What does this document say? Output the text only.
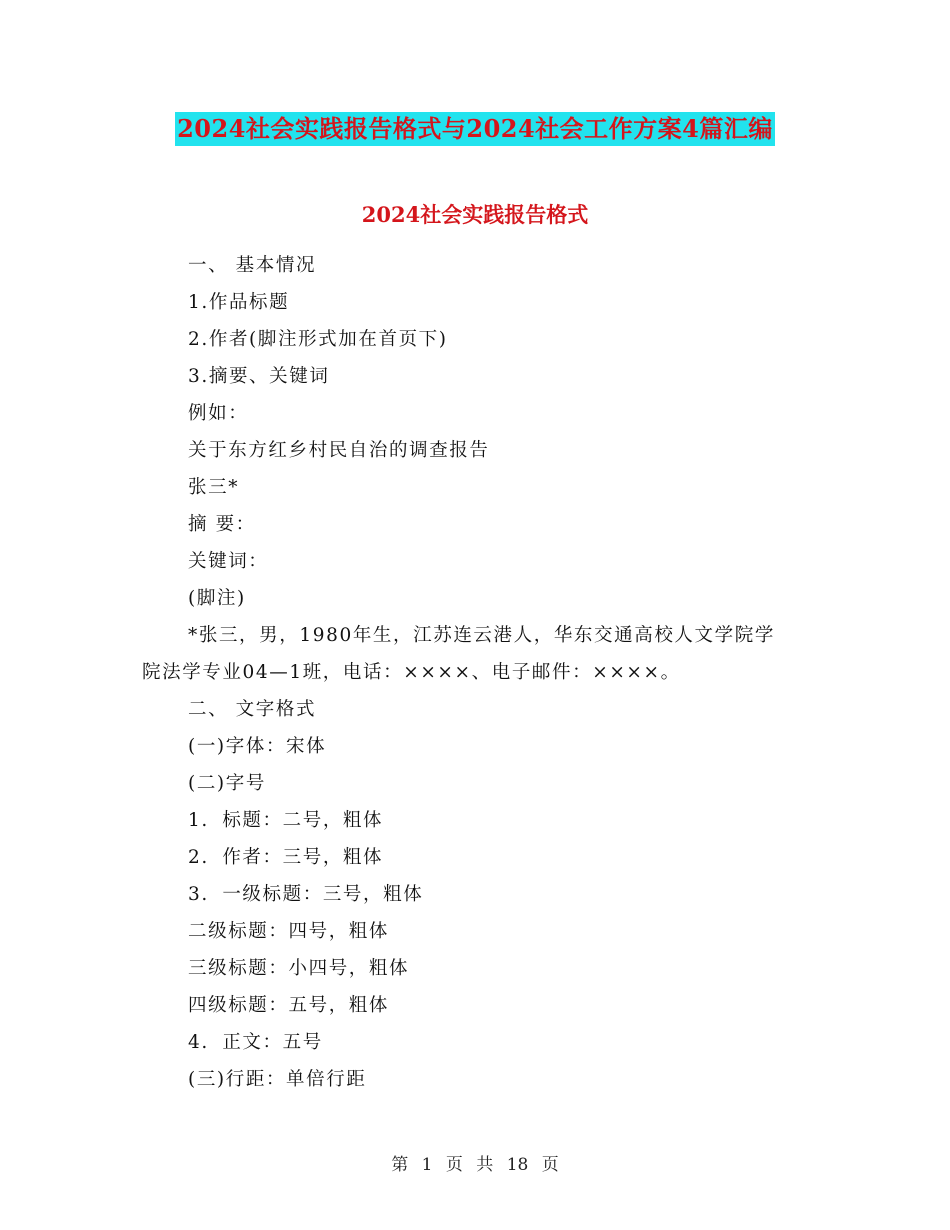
2024社会实践报告格式与2024社会工作方案4篇汇编
2024社会实践报告格式
一、 基本情况
1.作品标题
2.作者(脚注形式加在首页下)
3.摘要、关键词
例如：
关于东方红乡村民自治的调查报告
张三*
摘 要：
关键词：
(脚注)
*张三，男，1980年生，江苏连云港人，华东交通高校人文学院学
院法学专业04—1班，电话：××××、电子邮件：××××。
二、 文字格式
(一)字体：宋体
(二)字号
1. 标题：二号，粗体
2. 作者：三号，粗体
3. 一级标题：三号，粗体
二级标题：四号，粗体
三级标题：小四号，粗体
四级标题：五号，粗体
4. 正文：五号
(三)行距：单倍行距
第 1 页 共 18 页
